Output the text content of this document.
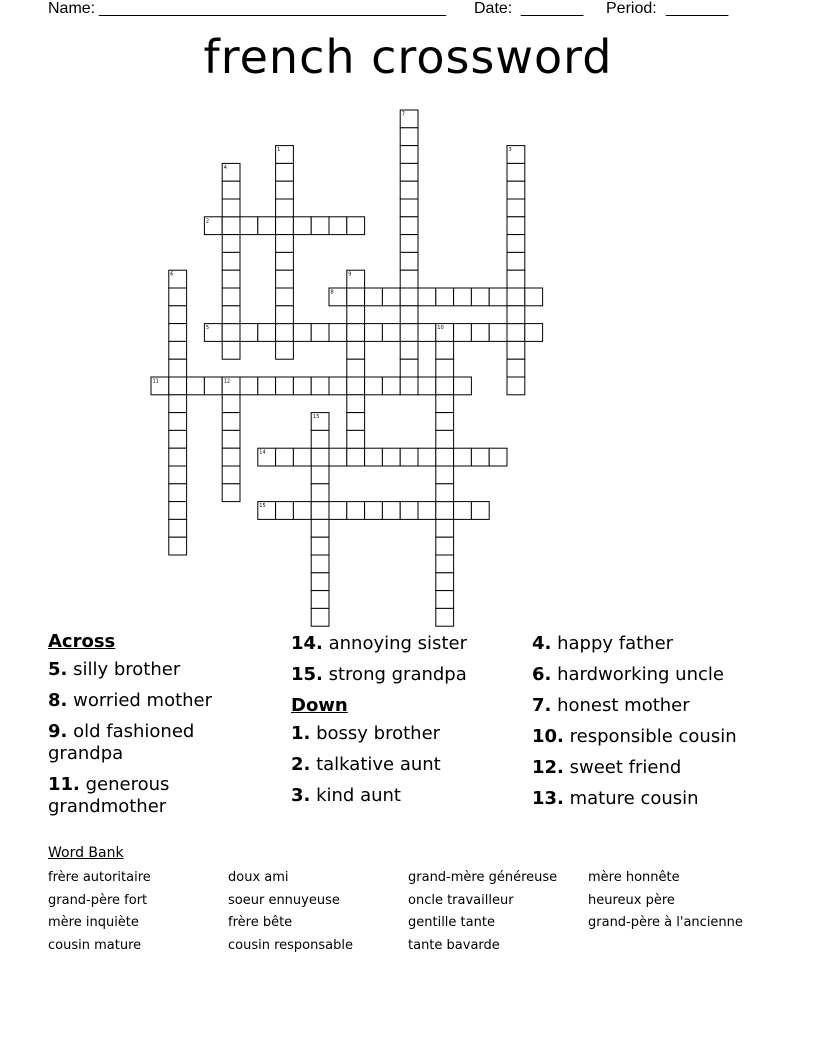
Name: _______________________________________ Date: _______ Period: _______
french crossword
2
8
5
11
14
15
7
1	3
4
6	9
10
12
13
Across
5. silly brother
8. worried mother
9. old fashioned grandpa
11. generous grandmother
14. annoying sister
15. strong grandpa
Down
1. bossy brother
2. talkative aunt
3. kind aunt
4. happy father
6. hardworking uncle
7. honest mother
10. responsible cousin
12. sweet friend
13. mature cousin
Word Bank
frère autoritaire
grand-père fort
mère inquiète
cousin mature
doux ami
soeur ennuyeuse
frère bête
cousin responsable
grand-mère généreuse
oncle travailleur
gentille tante
tante bavarde
mère honnête
heureux père
grand-père à l'ancienne
